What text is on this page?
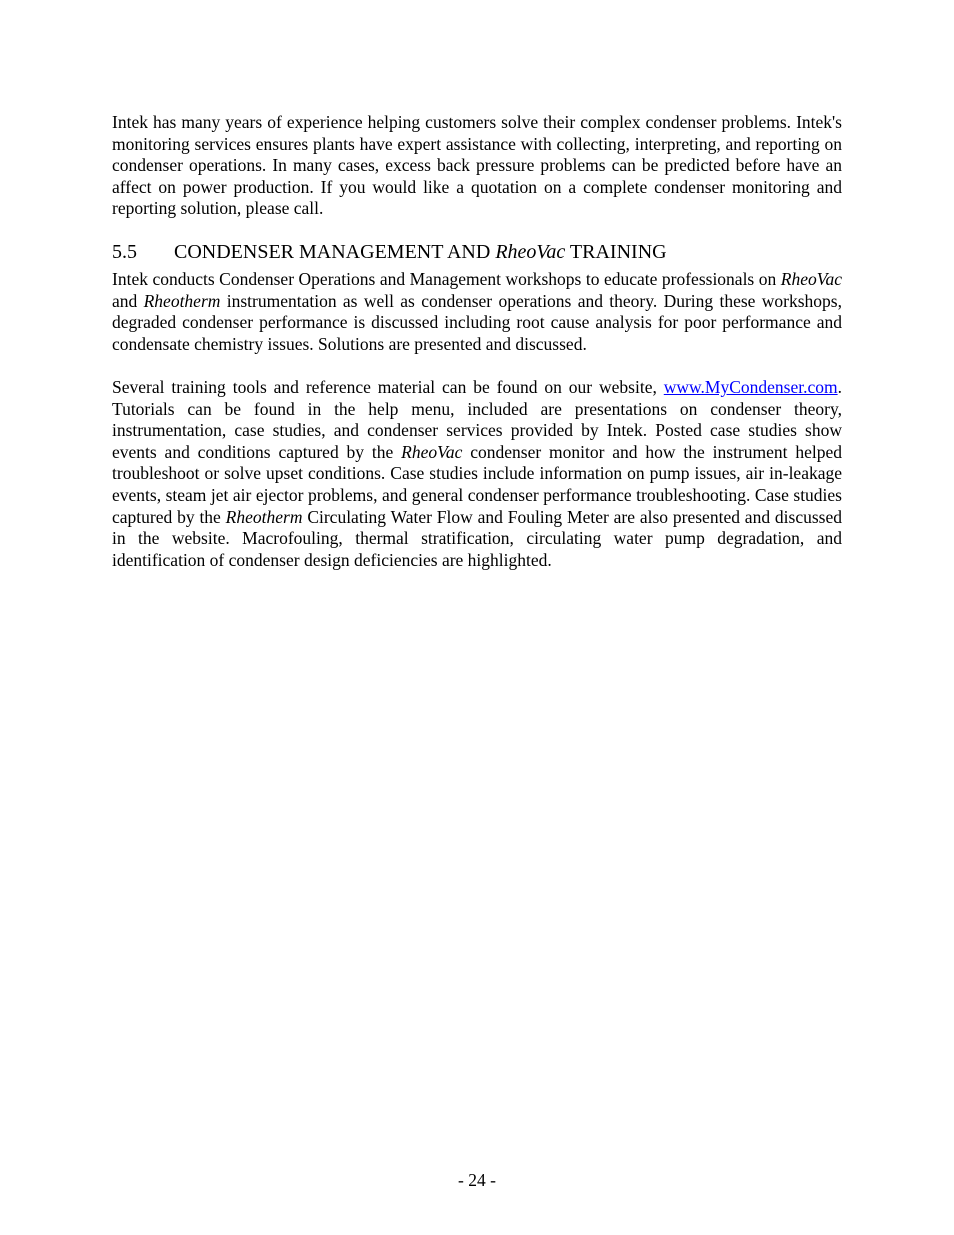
Intek has many years of experience helping customers solve their complex condenser problems. Intek's monitoring services ensures plants have expert assistance with collecting, interpreting, and reporting on condenser operations. In many cases, excess back pressure problems can be predicted before have an affect on power production. If you would like a quotation on a complete condenser monitoring and reporting solution, please call.

5.5	CONDENSER MANAGEMENT AND RheoVac TRAINING

Intek conducts Condenser Operations and Management workshops to educate professionals on RheoVac and Rheotherm instrumentation as well as condenser operations and theory. During these workshops, degraded condenser performance is discussed including root cause analysis for poor performance and condensate chemistry issues. Solutions are presented and discussed.

Several training tools and reference material can be found on our website, www.MyCondenser.com. Tutorials can be found in the help menu, included are presentations on condenser theory, instrumentation, case studies, and condenser services provided by Intek. Posted case studies show events and conditions captured by the RheoVac condenser monitor and how the instrument helped troubleshoot or solve upset conditions. Case studies include information on pump issues, air in-leakage events, steam jet air ejector problems, and general condenser performance troubleshooting. Case studies captured by the Rheotherm Circulating Water Flow and Fouling Meter are also presented and discussed in the website. Macrofouling, thermal stratification, circulating water pump degradation, and identification of condenser design deficiencies are highlighted.

- 24 -
